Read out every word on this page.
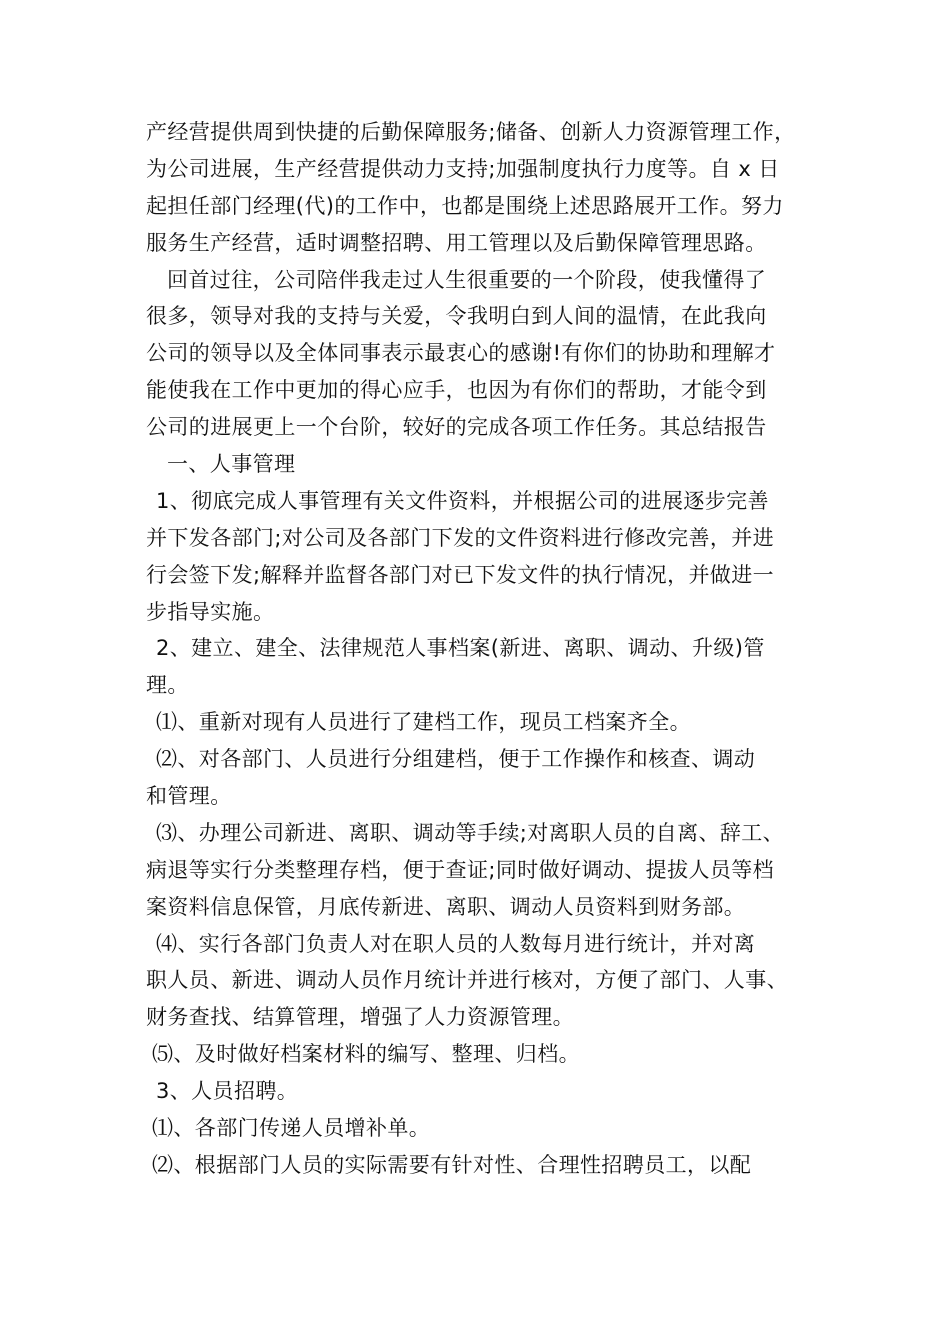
产经营提供周到快捷的后勤保障服务;储备、创新人力资源管理工作，
为公司进展，生产经营提供动力支持;加强制度执行力度等。自 x 日
起担任部门经理(代)的工作中，也都是围绕上述思路展开工作。努力
服务生产经营，适时调整招聘、用工管理以及后勤保障管理思路。
回首过往，公司陪伴我走过人生很重要的一个阶段，使我懂得了
很多，领导对我的支持与关爱，令我明白到人间的温情，在此我向
公司的领导以及全体同事表示最衷心的感谢!有你们的协助和理解才
能使我在工作中更加的得心应手，也因为有你们的帮助，才能令到
公司的进展更上一个台阶，较好的完成各项工作任务。其总结报告
一、人事管理
1、彻底完成人事管理有关文件资料，并根据公司的进展逐步完善
并下发各部门;对公司及各部门下发的文件资料进行修改完善，并进
行会签下发;解释并监督各部门对已下发文件的执行情况，并做进一
步指导实施。
2、建立、建全、法律规范人事档案(新进、离职、调动、升级)管
理。
⑴、重新对现有人员进行了建档工作，现员工档案齐全。
⑵、对各部门、人员进行分组建档，便于工作操作和核查、调动
和管理。
⑶、办理公司新进、离职、调动等手续;对离职人员的自离、辞工、
病退等实行分类整理存档，便于查证;同时做好调动、提拔人员等档
案资料信息保管，月底传新进、离职、调动人员资料到财务部。
⑷、实行各部门负责人对在职人员的人数每月进行统计，并对离
职人员、新进、调动人员作月统计并进行核对，方便了部门、人事、
财务查找、结算管理，增强了人力资源管理。
⑸、及时做好档案材料的编写、整理、归档。
3、人员招聘。
⑴、各部门传递人员增补单。
⑵、根据部门人员的实际需要有针对性、合理性招聘员工，以配
